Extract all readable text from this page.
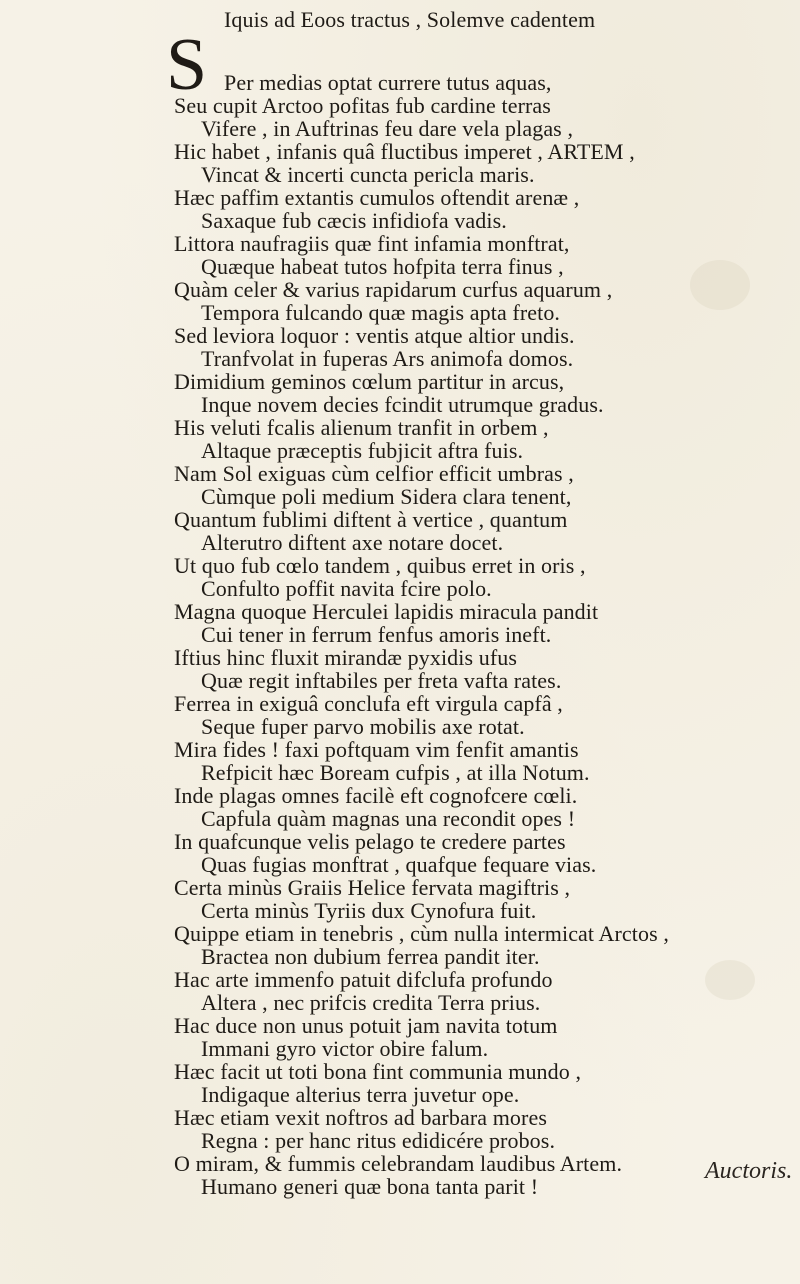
S
Iquis ad Eoos tractus , Solemve cadentem
Per medias optat currere tutus aquas,
Seu cupit Arctoo pofitas fub cardine terras
Vifere , in Auftrinas feu dare vela plagas ,
Hic habet , infanis quâ fluctibus imperet , ARTEM ,
Vincat & incerti cuncta pericla maris.
Hæc paffim extantis cumulos oftendit arenæ ,
Saxaque fub cæcis infidiofa vadis.
Littora naufragiis quæ fint infamia monftrat,
Quæque habeat tutos hofpita terra finus ,
Quàm celer & varius rapidarum curfus aquarum ,
Tempora fulcando quæ magis apta freto.
Sed leviora loquor : ventis atque altior undis.
Tranfvolat in fuperas Ars animofa domos.
Dimidium geminos cœlum partitur in arcus,
Inque novem decies fcindit utrumque gradus.
His veluti fcalis alienum tranfit in orbem ,
Altaque præceptis fubjicit aftra fuis.
Nam Sol exiguas cùm celfior efficit umbras ,
Cùmque poli medium Sidera clara tenent,
Quantum fublimi diftent à vertice , quantum
Alterutro diftent axe notare docet.
Ut quo fub cœlo tandem , quibus erret in oris ,
Confulto poffit navita fcire polo.
Magna quoque Herculei lapidis miracula pandit
Cui tener in ferrum fenfus amoris ineft.
Iftius hinc fluxit mirandæ pyxidis ufus
Quæ regit inftabiles per freta vafta rates.
Ferrea in exiguâ conclufa eft virgula capfâ ,
Seque fuper parvo mobilis axe rotat.
Mira fides ! faxi poftquam vim fenfit amantis
Refpicit hæc Boream cufpis , at illa Notum.
Inde plagas omnes facilè eft cognofcere cœli.
Capfula quàm magnas una recondit opes !
In quafcunque velis pelago te credere partes
Quas fugias monftrat , quafque fequare vias.
Certa minùs Graiis Helice fervata magiftris ,
Certa minùs Tyriis dux Cynofura fuit.
Quippe etiam in tenebris , cùm nulla intermicat Arctos ,
Bractea non dubium ferrea pandit iter.
Hac arte immenfo patuit difclufa profundo
Altera , nec prifcis credita Terra prius.
Hac duce non unus potuit jam navita totum
Immani gyro victor obire falum.
Hæc facit ut toti bona fint communia mundo ,
Indigaque alterius terra juvetur ope.
Hæc etiam vexit noftros ad barbara mores
Regna : per hanc ritus edidicére probos.
O miram, & fummis celebrandam laudibus Artem.
Humano generi quæ bona tanta parit !
Auctoris.
